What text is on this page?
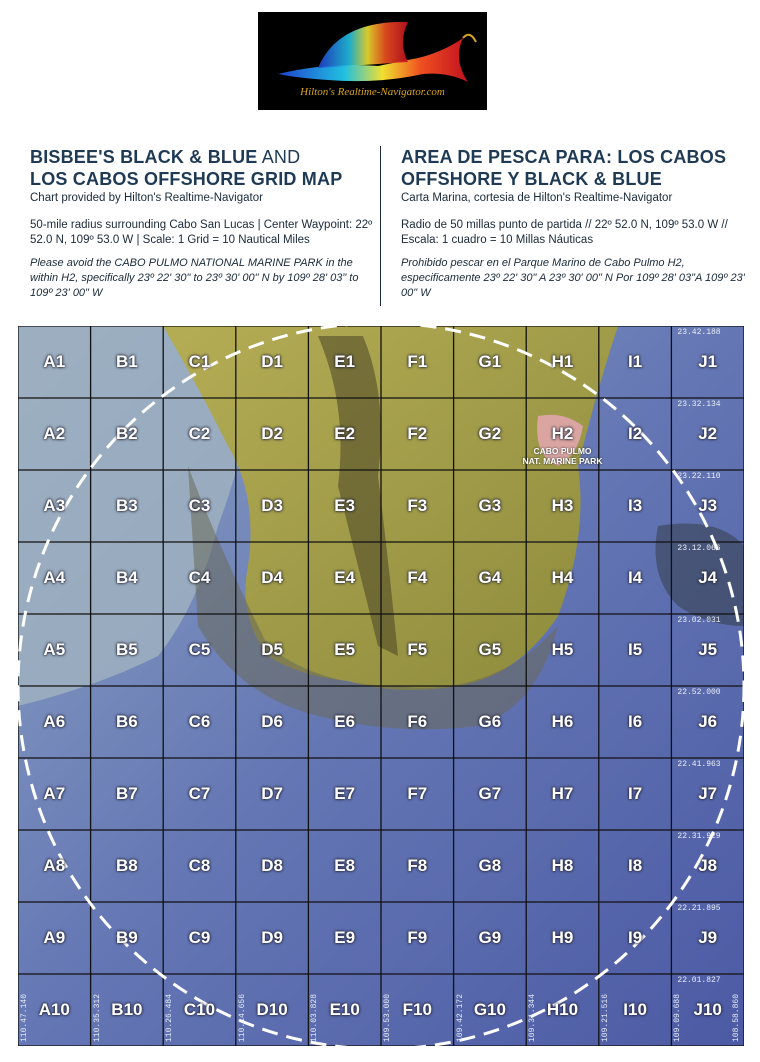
Hilton's Realtime-Navigator.com
BISBEE'S BLACK & BLUE AND
LOS CABOS OFFSHORE GRID MAP
Chart provided by Hilton's Realtime-Navigator
50-mile radius surrounding Cabo San Lucas | Center Waypoint: 22º 52.0 N, 109º 53.0 W | Scale: 1 Grid = 10 Nautical Miles
Please avoid the CABO PULMO NATIONAL MARINE PARK in the within H2, specifically 23º 22' 30" to 23º 30' 00" N by 109º 28' 03" to 109º 23' 00" W
AREA DE PESCA PARA: LOS CABOS
OFFSHORE Y BLACK & BLUE
Carta Marina, cortesia de Hilton's Realtime-Navigator
Radio de 50 millas punto de partida // 22º 52.0 N, 109º 53.0 W // Escala: 1 cuadro = 10 Millas Náuticas
Prohibido pescar en el Parque Marino de Cabo Pulmo H2, especificamente 23º 22' 30" A 23º 30' 00" N Por 109º 28' 03"A 109º 23' 00" W
CABO PULMO
NAT. MARINE PARK
A1	B1	C1	D1	E1	F1	G1	H1	I1	J1
A2	B2	C2	D2	E2	F2	G2	H2	I2	J2
A3	B3	C3	D3	E3	F3	G3	H3	I3	J3
A4	B4	C4	D4	E4	F4	G4	H4	I4	J4
A5	B5	C5	D5	E5	F5	G5	H5	I5	J5
A6	B6	C6	D6	E6	F6	G6	H6	I6	J6
A7	B7	C7	D7	E7	F7	G7	H7	I7	J7
A8	B8	C8	D8	E8	F8	G8	H8	I8	J8
A9	B9	C9	D9	E9	F9	G9	H9	I9	J9
A10	B10	C10	D10	E10	F10	G10	H10	I10	J10
23.42.188
23.32.134
23.22.110
23.12.066
23.02.031
22.52.000
22.41.963
22.31.929
22.21.895
22.01.827
110.47.140	110.35.312	110.26.484	110.14.656	110.03.828	109.53.000	109.42.172	109.31.344	109.21.516	109.09.688	108.58.860
